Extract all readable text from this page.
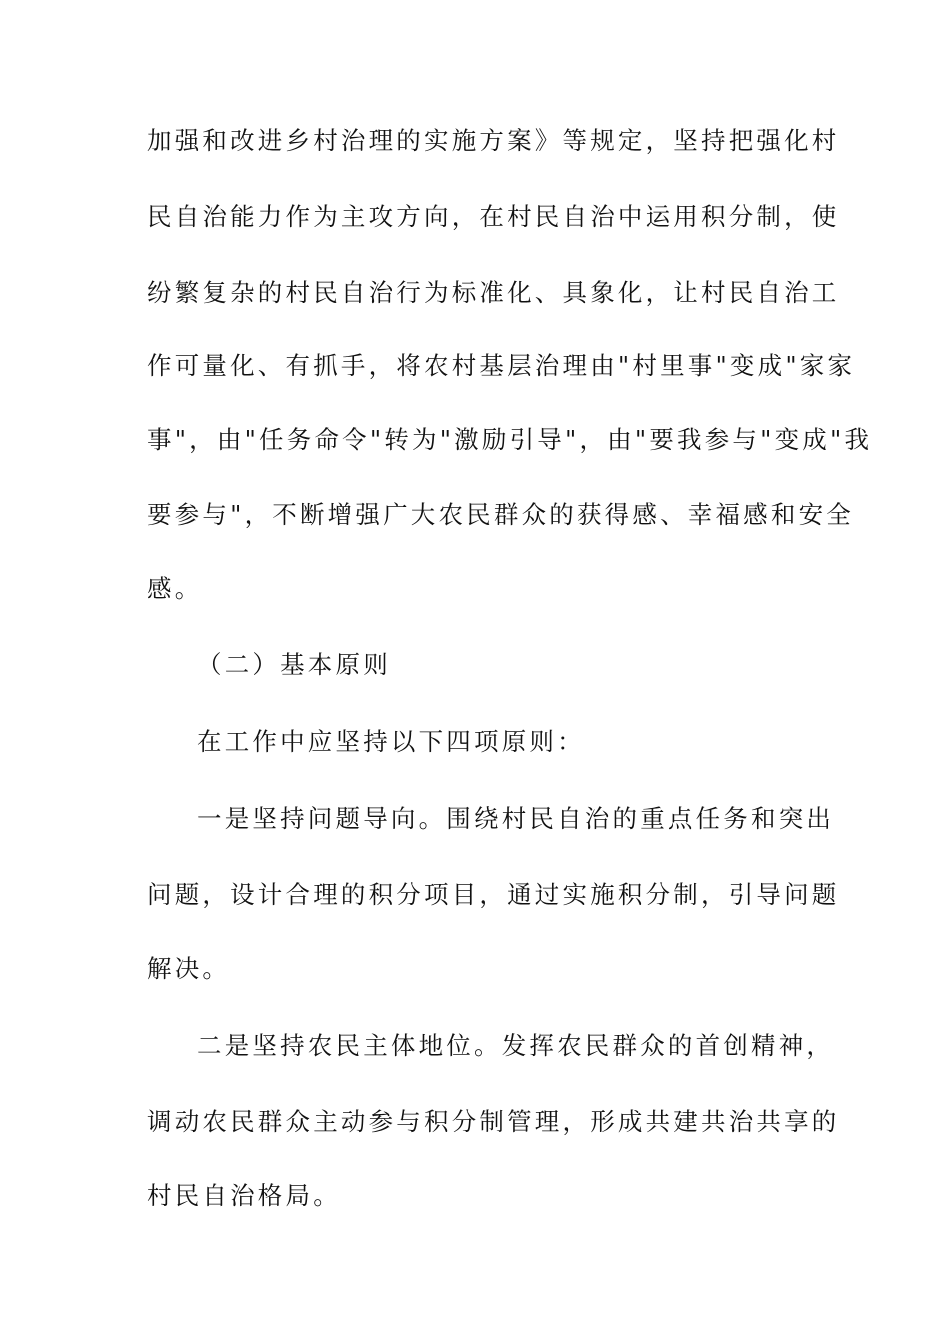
加强和改进乡村治理的实施方案》等规定，坚持把强化村
民自治能力作为主攻方向，在村民自治中运用积分制，使
纷繁复杂的村民自治行为标准化、具象化，让村民自治工
作可量化、有抓手，将农村基层治理由"村里事"变成"家家
事"，由"任务命令"转为"激励引导"，由"要我参与"变成"我
要参与"，不断增强广大农民群众的获得感、幸福感和安全
感。
（二）基本原则
在工作中应坚持以下四项原则：
一是坚持问题导向。围绕村民自治的重点任务和突出
问题，设计合理的积分项目，通过实施积分制，引导问题
解决。
二是坚持农民主体地位。发挥农民群众的首创精神，
调动农民群众主动参与积分制管理，形成共建共治共享的
村民自治格局。
